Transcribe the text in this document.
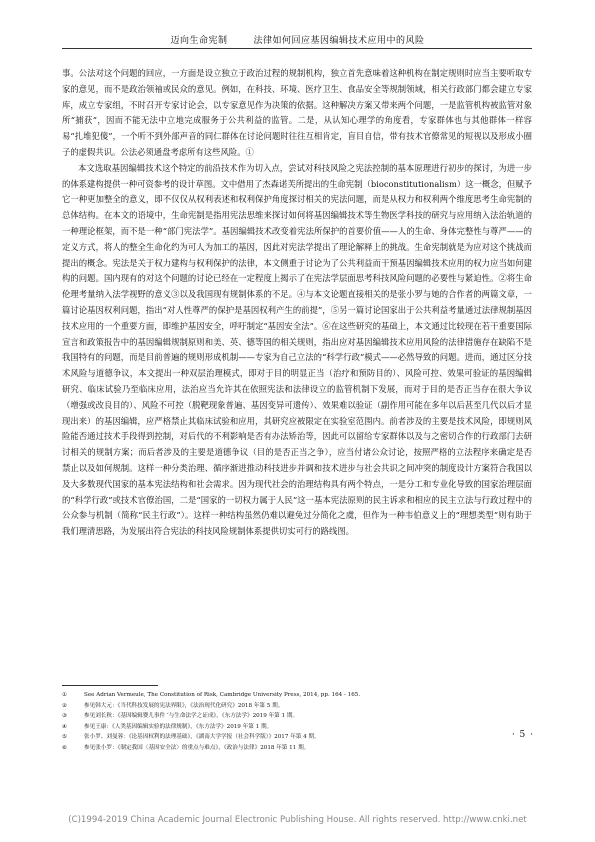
迈向生命宪制	法律如何回应基因编辑技术应用中的风险

事。公法对这个问题的回应，一方面是设立独立于政治过程的规制机构，独立首先意味着这种机构在制定规则时应当主要听取专家的意见，而不是政治领袖或民众的意见。例如，在科技、环境、医疗卫生、食品安全等规制领域，相关行政部门都会建立专家库，成立专家组，不时召开专家讨论会，以专家意见作为决策的依据。这种解决方案又带来两个问题，一是监管机构被监管对象所“捕获”，因而不能无法中立地完成服务于公共利益的监管。二是，从认知心理学的角度看，专家群体也与其他群体一样容易“扎堆犯傻”，一个听不到外部声音的同仁群体在讨论问题时往往互相肯定，盲目自信，带有技术官僚常见的短视以及形成小圈子的虚假共识。公法必须通盘考虑所有这些风险。①

本文选取基因编辑技术这个特定的前沿技术作为切入点，尝试对科技风险之宪法控制的基本原理进行初步的探讨，为进一步的体系建构提供一种可资参考的设计草图。文中借用了杰森诺芙所提出的生命宪制（bioconstitutionalism）这一概念，但赋予它一种更加整全的意义，即不仅仅从权利表述和权利保护角度探讨相关的宪法问题，而是从权力和权利两个维度思考生命宪制的总体结构。在本文的语境中，生命宪制是指用宪法思维来探讨如何将基因编辑技术等生物医学科技的研究与应用纳入法治轨道的一种理论框架，而不是一种“部门宪法学”。基因编辑技术改变着宪法所保护的首要价值——人的生命、身体完整性与尊严——的定义方式，将人的整全生命化约为可人为加工的基因，因此对宪法学提出了理论解释上的挑战。生命宪制就是为应对这个挑战而提出的概念。宪法是关于权力建构与权利保护的法律，本文侧重于讨论为了公共利益而干预基因编辑技术应用的权力应当如何建构的问题。国内现有的对这个问题的讨论已经在一定程度上揭示了在宪法学层面思考科技风险问题的必要性与紧迫性。②将生命伦理考量纳入法学视野的意义③以及我国现有规制体系的不足。④与本文论题直接相关的是张小罗与她的合作者的两篇文章，一篇讨论基因权利问题，指出“对人性尊严的保护是基因权利产生的前提”，⑤另一篇讨论国家出于公共利益考量通过法律规制基因技术应用的一个重要方面，即维护基因安全，呼吁制定“基因安全法”。⑥在这些研究的基础上，本文通过比较现在若干重要国际宣言和政策报告中的基因编辑规制原则和美、英、德等国的相关规则，指出应对基因编辑技术应用风险的法律措施存在缺陷不是我国特有的问题，而是目前普遍的规则形成机制——专家为自己立法的“科学行政”模式——必然导致的问题。进而，通过区分技术风险与道德争议，本文提出一种双层治理模式，即对于目的明显正当（治疗和预防目的）、风险可控、效果可验证的基因编辑研究、临床试验乃至临床应用，法治应当允许其在依照宪法和法律设立的监管机制下发展，而对于目的是否正当存在很大争议（增强或改良目的）、风险不可控（脱靶现象普遍、基因变异可遗传）、效果难以验证（副作用可能在多年以后甚至几代以后才显现出来）的基因编辑，应严格禁止其临床试验和应用，其研究应被限定在实验室范围内。前者涉及的主要是技术风险，即规则风险能否通过技术手段得到控制，对后代的不利影响是否有办法矫治等，因此可以留给专家群体以及与之密切合作的行政部门去研讨相关的规制方案；而后者涉及的主要是道德争议（目的是否正当之争），应当付诸公众讨论，按照严格的立法程序来确定是否禁止以及如何规制。这样一种分类治理、循序渐进推动科技进步并调和技术进步与社会共识之间冲突的制度设计方案符合我国以及大多数现代国家的基本宪法结构和社会需求。因为现代社会的治理结构具有两个特点，一是分工和专业化导致的国家治理层面的“科学行政”或技术官僚治国，二是“国家的一切权力属于人民”这一基本宪法原则的民主诉求和相应的民主立法与行政过程中的公众参与机制（简称“民主行政”）。这样一种结构虽然仍难以避免过分简化之虞，但作为一种韦伯意义上的“理想类型”则有助于我们理清思路，为发展出符合宪法的科技风险规制体系提供切实可行的路线图。

①	See Adrian Vermeule, The Constitution of Risk, Cambridge University Press, 2014, pp. 164 - 165.
②	参见韩大元：《当代科技发展的宪法界限》，《法治现代化研究》2018 年第 5 期。
③	参见刘长秋：《基因编辑婴儿事件 ‘与生命法学之证成》，《东方法学》2019 年第 1 期。
④	参见王康：《人类基因编辑实验的法律规制》，《东方法学》2019 年第 1 期。
⑤	张小罗、刘曼蓉：《论基因权利的法理基础》，《湖南大学学报（社会科学版）》2017 年第 4 期。
⑥	参见张小罗：《制定我国〈基因安全法〉的重点与难点》，《政治与法律》2018 年第 11 期。
· 5 ·
(C)1994-2019 China Academic Journal Electronic Publishing House. All rights reserved. http://www.cnki.net
